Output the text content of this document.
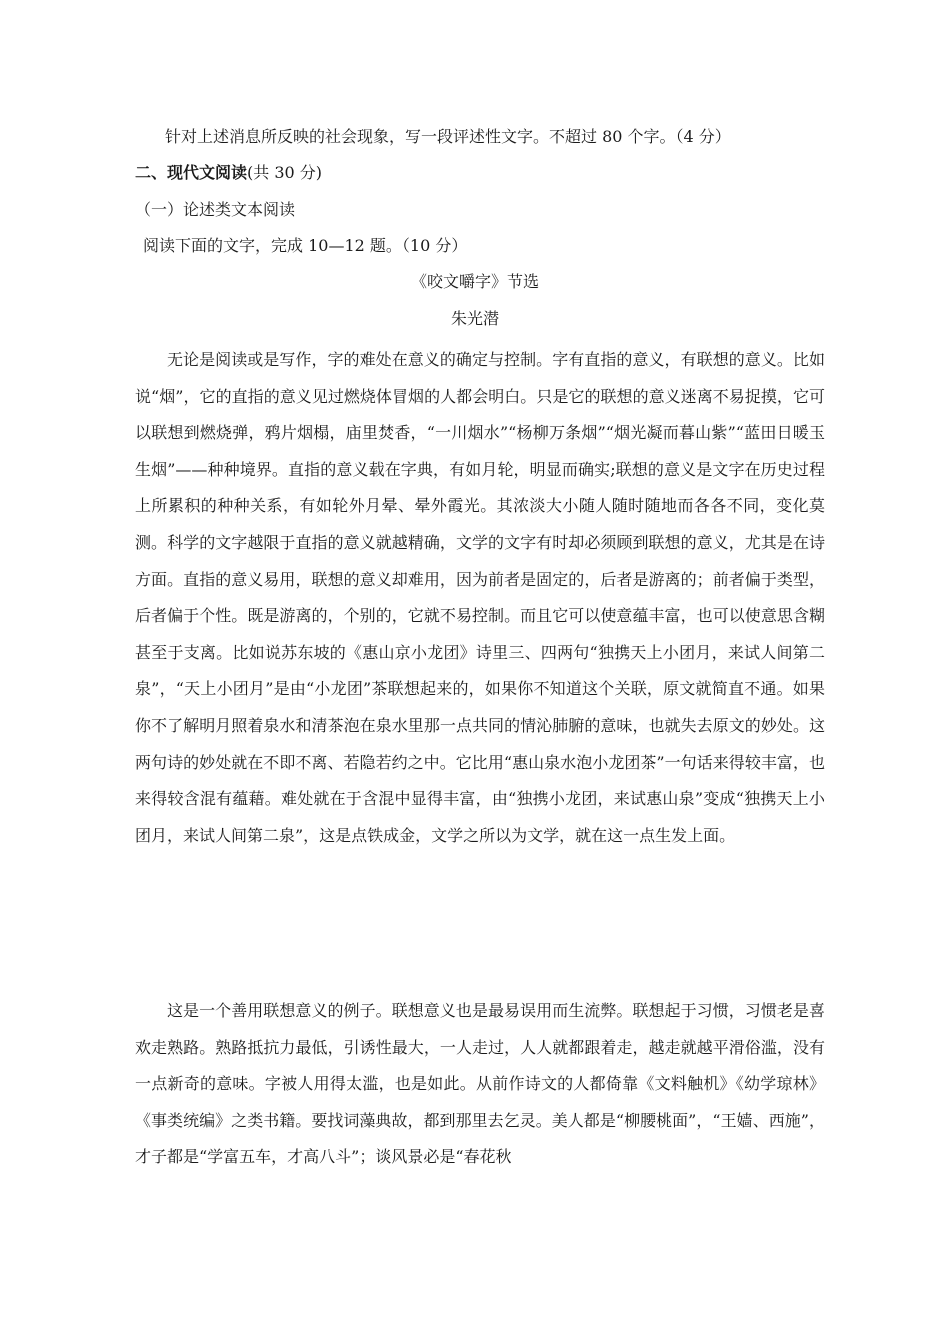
针对上述消息所反映的社会现象，写一段评述性文字。不超过 80 个字。（4 分）
二、现代文阅读(共 30 分)
（一）论述类文本阅读
阅读下面的文字，完成 10—12 题。（10 分）
《咬文嚼字》节选
朱光潜

无论是阅读或是写作，字的难处在意义的确定与控制。字有直指的意义，有联想的意义。比如说“烟”，它的直指的意义见过燃烧体冒烟的人都会明白。只是它的联想的意义迷离不易捉摸，它可以联想到燃烧弹，鸦片烟榻，庙里焚香，“一川烟水”“杨柳万条烟”“烟光凝而暮山紫”“蓝田日暖玉生烟”——种种境界。直指的意义载在字典，有如月轮，明显而确实;联想的意义是文字在历史过程上所累积的种种关系，有如轮外月晕、晕外霞光。其浓淡大小随人随时随地而各各不同，变化莫测。科学的文字越限于直指的意义就越精确，文学的文字有时却必须顾到联想的意义，尤其是在诗方面。直指的意义易用，联想的意义却难用，因为前者是固定的，后者是游离的；前者偏于类型，后者偏于个性。既是游离的，个别的，它就不易控制。而且它可以使意蕴丰富，也可以使意思含糊甚至于支离。比如说苏东坡的《惠山京小龙团》诗里三、四两句“独携天上小团月，来试人间第二泉”，“天上小团月”是由“小龙团”茶联想起来的，如果你不知道这个关联，原文就简直不通。如果你不了解明月照着泉水和清茶泡在泉水里那一点共同的情沁肺腑的意味，也就失去原文的妙处。这两句诗的妙处就在不即不离、若隐若约之中。它比用“惠山泉水泡小龙团茶”一句话来得较丰富，也来得较含混有蕴藉。难处就在于含混中显得丰富，由“独携小龙团，来试惠山泉”变成“独携天上小团月，来试人间第二泉”，这是点铁成金，文学之所以为文学，就在这一点生发上面。

这是一个善用联想意义的例子。联想意义也是最易误用而生流弊。联想起于习惯，习惯老是喜欢走熟路。熟路抵抗力最低，引诱性最大，一人走过，人人就都跟着走，越走就越平滑俗滥，没有一点新奇的意味。字被人用得太滥，也是如此。从前作诗文的人都倚靠《文料触机》《幼学琼林》《事类统编》之类书籍。要找词藻典故，都到那里去乞灵。美人都是“柳腰桃面”，“王嫱、西施”，才子都是“学富五车，才高八斗”；谈风景必是“春花秋
